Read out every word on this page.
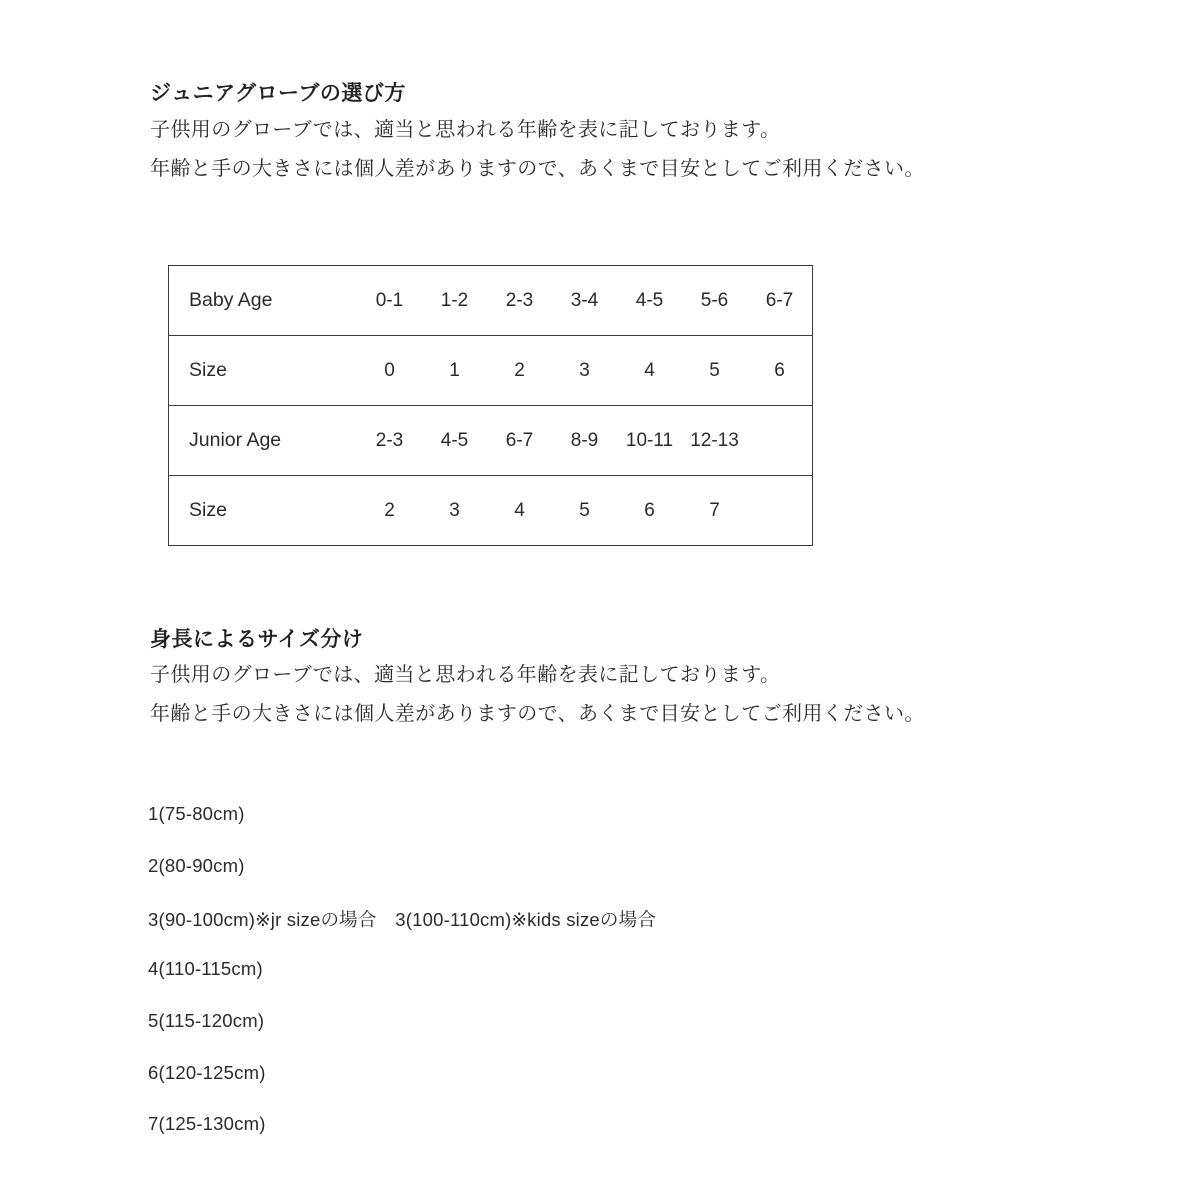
ジュニアグローブの選び方
子供用のグローブでは、適当と思われる年齢を表に記しております。
年齢と手の大きさには個人差がありますので、あくまで目安としてご利用ください。
Baby Age	0-1	1-2	2-3	3-4	4-5	5-6	6-7
Size	0	1	2	3	4	5	6
Junior Age	2-3	4-5	6-7	8-9	10-11	12-13	
Size	2	3	4	5	6	7	
身長によるサイズ分け
子供用のグローブでは、適当と思われる年齢を表に記しております。
年齢と手の大きさには個人差がありますので、あくまで目安としてご利用ください。
1(75-80cm)
2(80-90cm)
3(90-100cm)※jr sizeの場合　3(100-110cm)※kids sizeの場合
4(110-115cm)
5(115-120cm)
6(120-125cm)
7(125-130cm)
